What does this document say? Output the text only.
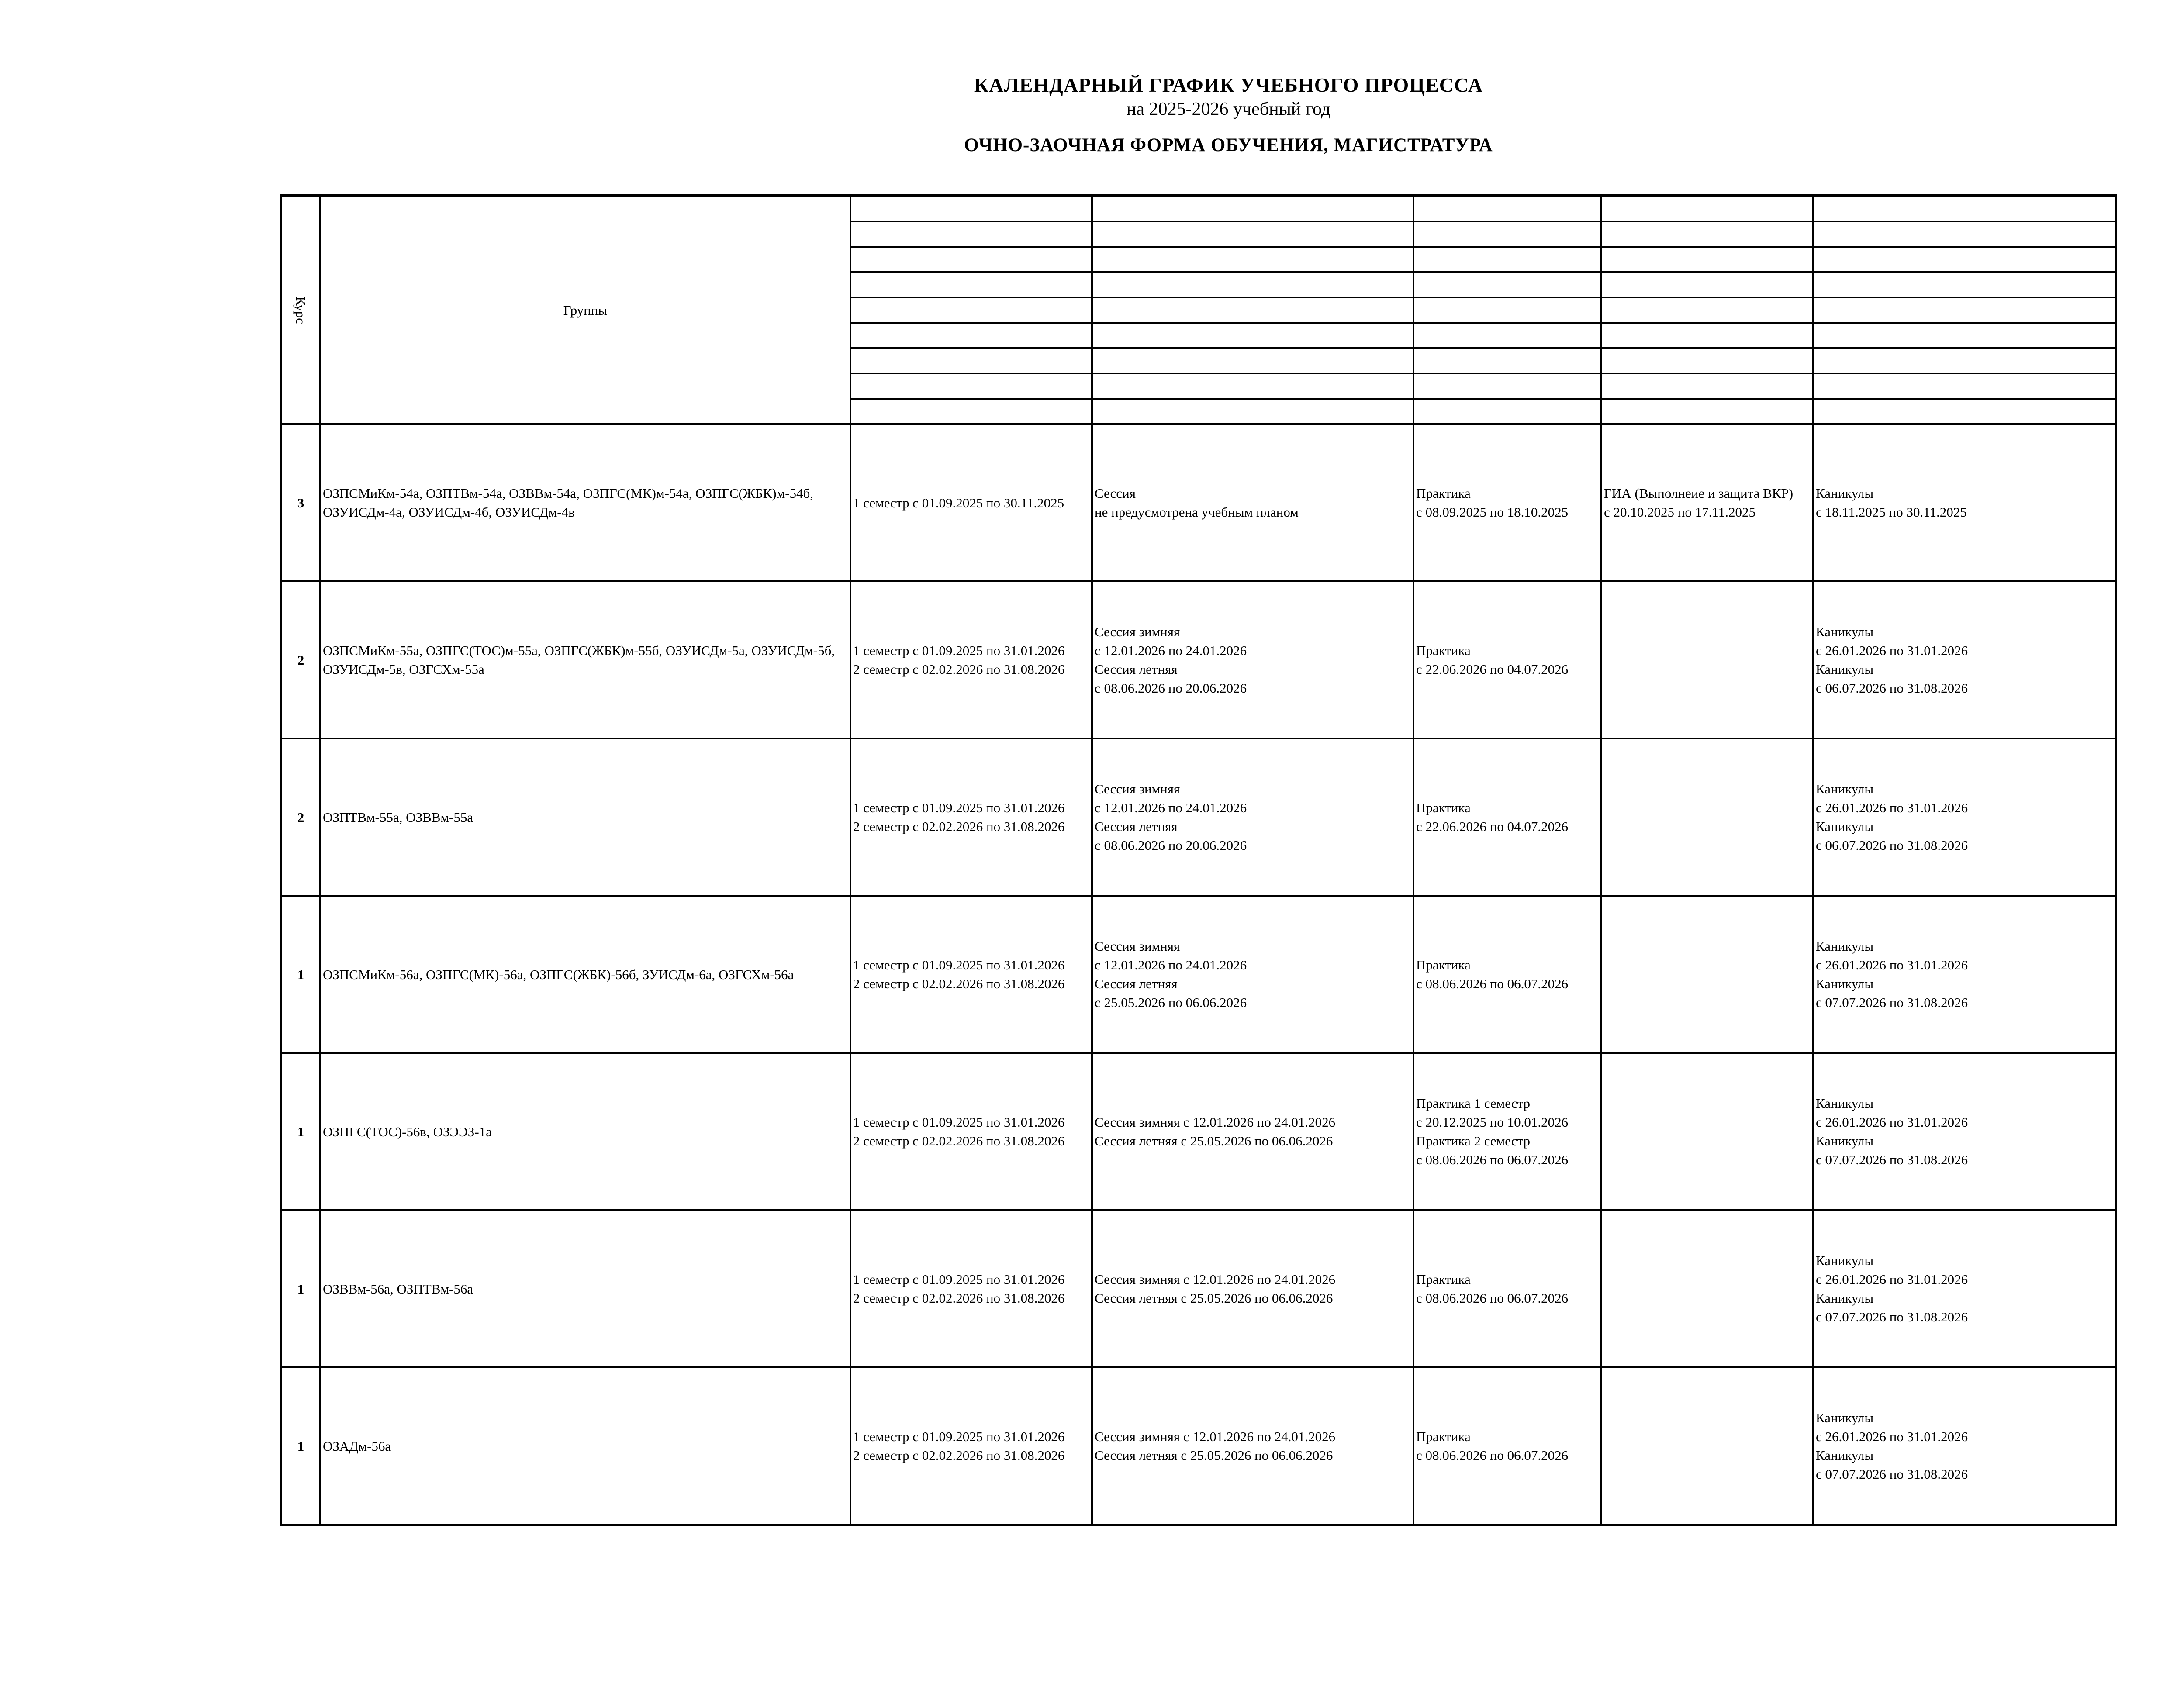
КАЛЕНДАРНЫЙ ГРАФИК УЧЕБНОГО ПРОЦЕССА
на 2025-2026 учебный год
ОЧНО-ЗАОЧНАЯ ФОРМА ОБУЧЕНИЯ, МАГИСТРАТУРА
Курс	Группы					

3	ОЗПСМиКм-54а, ОЗПТВм-54а, ОЗВВм-54а, ОЗПГС(МК)м-54а, ОЗПГС(ЖБК)м-54б, ОЗУИСДм-4а, ОЗУИСДм-4б, ОЗУИСДм-4в	1 семестр с 01.09.2025 по 30.11.2025	Сессия
не предусмотрена учебным планом	Практика
с 08.09.2025 по 18.10.2025	ГИА (Выполнеие и защита ВКР)
с 20.10.2025 по 17.11.2025	Каникулы
с 18.11.2025 по 30.11.2025

2	ОЗПСМиКм-55а, ОЗПГС(ТОС)м-55а, ОЗПГС(ЖБК)м-55б, ОЗУИСДм-5а, ОЗУИСДм-5б, ОЗУИСДм-5в, ОЗГСХм-55а	1 семестр с 01.09.2025 по 31.01.2026
2 семестр с 02.02.2026 по 31.08.2026	Сессия зимняя
с 12.01.2026 по 24.01.2026
Сессия летняя
с 08.06.2026 по 20.06.2026	Практика
с 22.06.2026 по 04.07.2026		Каникулы
с 26.01.2026 по 31.01.2026
Каникулы
с 06.07.2026 по 31.08.2026

2	ОЗПТВм-55а, ОЗВВм-55а	1 семестр с 01.09.2025 по 31.01.2026
2 семестр с 02.02.2026 по 31.08.2026	Сессия зимняя
с 12.01.2026 по 24.01.2026
Сессия летняя
с 08.06.2026 по 20.06.2026	Практика
с 22.06.2026 по 04.07.2026		Каникулы
с 26.01.2026 по 31.01.2026
Каникулы
с 06.07.2026 по 31.08.2026

1	ОЗПСМиКм-56а, ОЗПГС(МК)-56а, ОЗПГС(ЖБК)-56б, ЗУИСДм-6а, ОЗГСХм-56а	1 семестр с 01.09.2025 по 31.01.2026
2 семестр с 02.02.2026 по 31.08.2026	Сессия зимняя
с 12.01.2026 по 24.01.2026
Сессия летняя
с 25.05.2026 по 06.06.2026	Практика
с 08.06.2026 по 06.07.2026		Каникулы
с 26.01.2026 по 31.01.2026
Каникулы
с 07.07.2026 по 31.08.2026

1	ОЗПГС(ТОС)-56в, ОЗЭЭЗ-1а	1 семестр с 01.09.2025 по 31.01.2026
2 семестр с 02.02.2026 по 31.08.2026	Сессия зимняя с 12.01.2026 по 24.01.2026
Сессия летняя с 25.05.2026 по 06.06.2026	Практика 1 семестр
с 20.12.2025 по 10.01.2026
Практика 2 семестр
с 08.06.2026 по 06.07.2026		Каникулы
с 26.01.2026 по 31.01.2026
Каникулы
с 07.07.2026 по 31.08.2026

1	ОЗВВм-56а, ОЗПТВм-56а	1 семестр с 01.09.2025 по 31.01.2026
2 семестр с 02.02.2026 по 31.08.2026	Сессия зимняя с 12.01.2026 по 24.01.2026
Сессия летняя с 25.05.2026 по 06.06.2026	Практика
с 08.06.2026 по 06.07.2026		Каникулы
с 26.01.2026 по 31.01.2026
Каникулы
с 07.07.2026 по 31.08.2026

1	ОЗАДм-56а	1 семестр с 01.09.2025 по 31.01.2026
2 семестр с 02.02.2026 по 31.08.2026	Сессия зимняя с 12.01.2026 по 24.01.2026
Сессия летняя с 25.05.2026 по 06.06.2026	Практика
с 08.06.2026 по 06.07.2026		Каникулы
с 26.01.2026 по 31.01.2026
Каникулы
с 07.07.2026 по 31.08.2026
